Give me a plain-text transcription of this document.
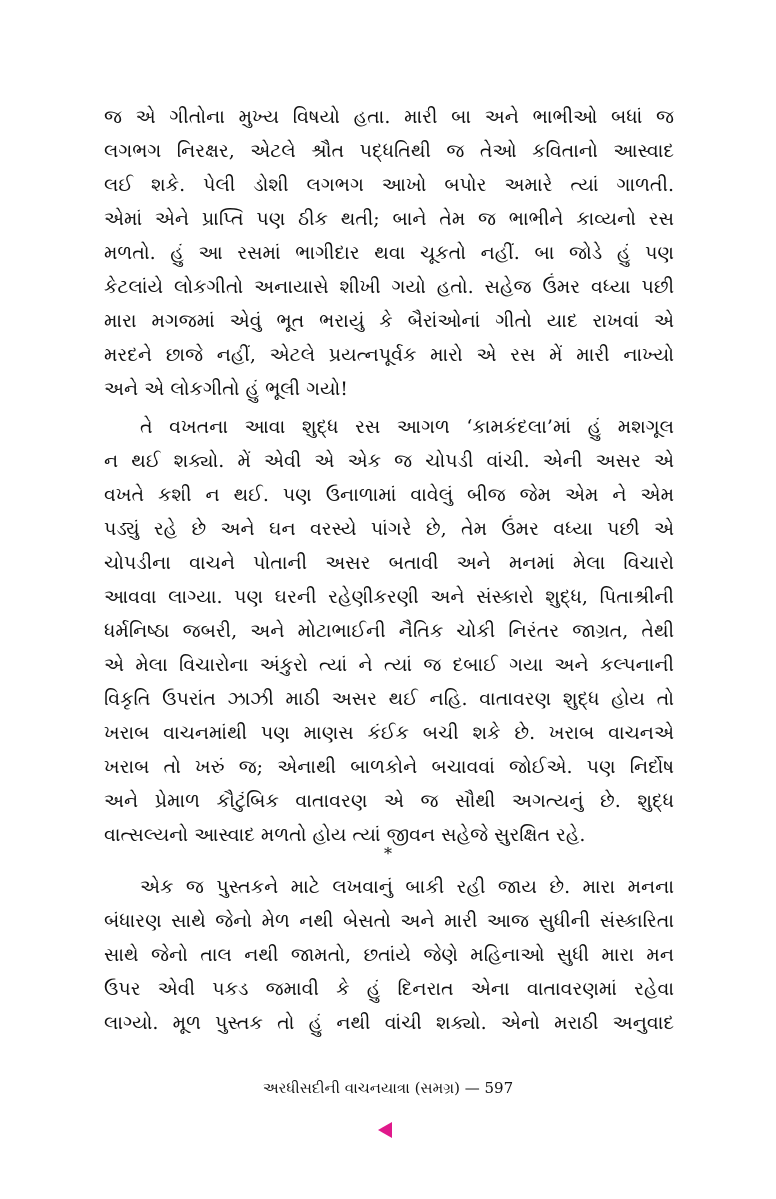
જ એ ગીતોના મુખ્ય વિષયો હતા. મારી બા અને ભાભીઓ બધાં જ
લગભગ નિરક્ષર, એટલે શ્રૌત પદ્ધતિથી જ તેઓ કવિતાનો આસ્વાદ
લઈ શકે. પેલી ડોશી લગભગ આખો બપોર અમારે ત્યાં ગાળતી.
એમાં એને પ્રાપ્તિ પણ ઠીક થતી; બાને તેમ જ ભાભીને કાવ્યનો રસ
મળતો. હું આ રસમાં ભાગીદાર થવા ચૂકતો નહીં. બા જોડે હું પણ
કેટલાંયે લોકગીતો અનાયાસે શીખી ગયો હતો. સહેજ ઉંમર વધ્યા પછી
મારા મગજમાં એવું ભૂત ભરાયું કે બૈરાંઓનાં ગીતો યાદ રાખવાં એ
મરદને છાજે નહીં, એટલે પ્રયત્નપૂર્વક મારો એ રસ મેં મારી નાખ્યો
અને એ લોકગીતો હું ભૂલી ગયો!
તે વખતના આવા શુદ્ધ રસ આગળ ‘કામકંદલા’માં હું મશગૂલ
ન થઈ શક્યો. મેં એવી એ એક જ ચોપડી વાંચી. એની અસર એ
વખતે કશી ન થઈ. પણ ઉનાળામાં વાવેલું બીજ જેમ એમ ને એમ
પડ્યું રહે છે અને ઘન વરસ્યે પાંગરે છે, તેમ ઉંમર વધ્યા પછી એ
ચોપડીના વાચને પોતાની અસર બતાવી અને મનમાં મેલા વિચારો
આવવા લાગ્યા. પણ ઘરની રહેણીકરણી અને સંસ્કારો શુદ્ધ, પિતાશ્રીની
ધર્મનિષ્ઠા જબરી, અને મોટાભાઈની નૈતિક ચોકી નિરંતર જાગ્રત, તેથી
એ મેલા વિચારોના અંકુરો ત્યાં ને ત્યાં જ દબાઈ ગયા અને કલ્પનાની
વિકૃતિ ઉપરાંત ઝાઝી માઠી અસર થઈ નહિ. વાતાવરણ શુદ્ધ હોય તો
ખરાબ વાચનમાંથી પણ માણસ કંઈક બચી શકે છે. ખરાબ વાચનએ
ખરાબ તો ખરું જ; એનાથી બાળકોને બચાવવાં જોઈએ. પણ નિર્દોષ
અને પ્રેમાળ કૌટુંબિક વાતાવરણ એ જ સૌથી અગત્યનું છે. શુદ્ધ
વાત્સલ્યનો આસ્વાદ મળતો હોય ત્યાં જીવન સહેજે સુરક્ષિત રહે.
*
એક જ પુસ્તકને માટે લખવાનું બાકી રહી જાય છે. મારા મનના
બંધારણ સાથે જેનો મેળ નથી બેસતો અને મારી આજ સુધીની સંસ્કારિતા
સાથે જેનો તાલ નથી જામતો, છતાંયે જેણે મહિનાઓ સુધી મારા મન
ઉપર એવી પકડ જમાવી કે હું દિનરાત એના વાતાવરણમાં રહેવા
લાગ્યો. મૂળ પુસ્તક તો હું નથી વાંચી શક્યો. એનો મરાઠી અનુવાદ
અરધીસદીની વાચનયાત્રા (સમગ્ર) — 597
